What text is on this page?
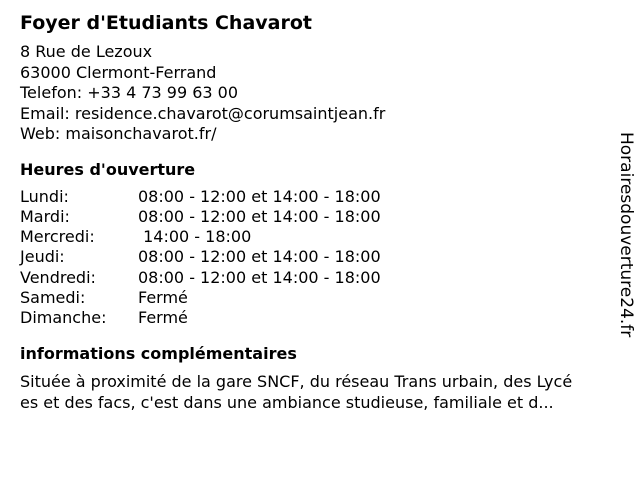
Foyer d'Etudiants Chavarot
8 Rue de Lezoux
63000 Clermont-Ferrand
Telefon: +33 4 73 99 63 00
Email: residence.chavarot@corumsaintjean.fr
Web: maisonchavarot.fr/
Heures d'ouverture
Lundi:	08:00 - 12:00 et 14:00 - 18:00
Mardi:	08:00 - 12:00 et 14:00 - 18:00
Mercredi:	14:00 - 18:00
Jeudi:	08:00 - 12:00 et 14:00 - 18:00
Vendredi:	08:00 - 12:00 et 14:00 - 18:00
Samedi:	Fermé
Dimanche:	Fermé
informations complémentaires
Située à proximité de la gare SNCF, du réseau Trans urbain, des Lycé
es et des facs, c'est dans une ambiance studieuse, familiale et d...
Horairesdouverture24.fr
